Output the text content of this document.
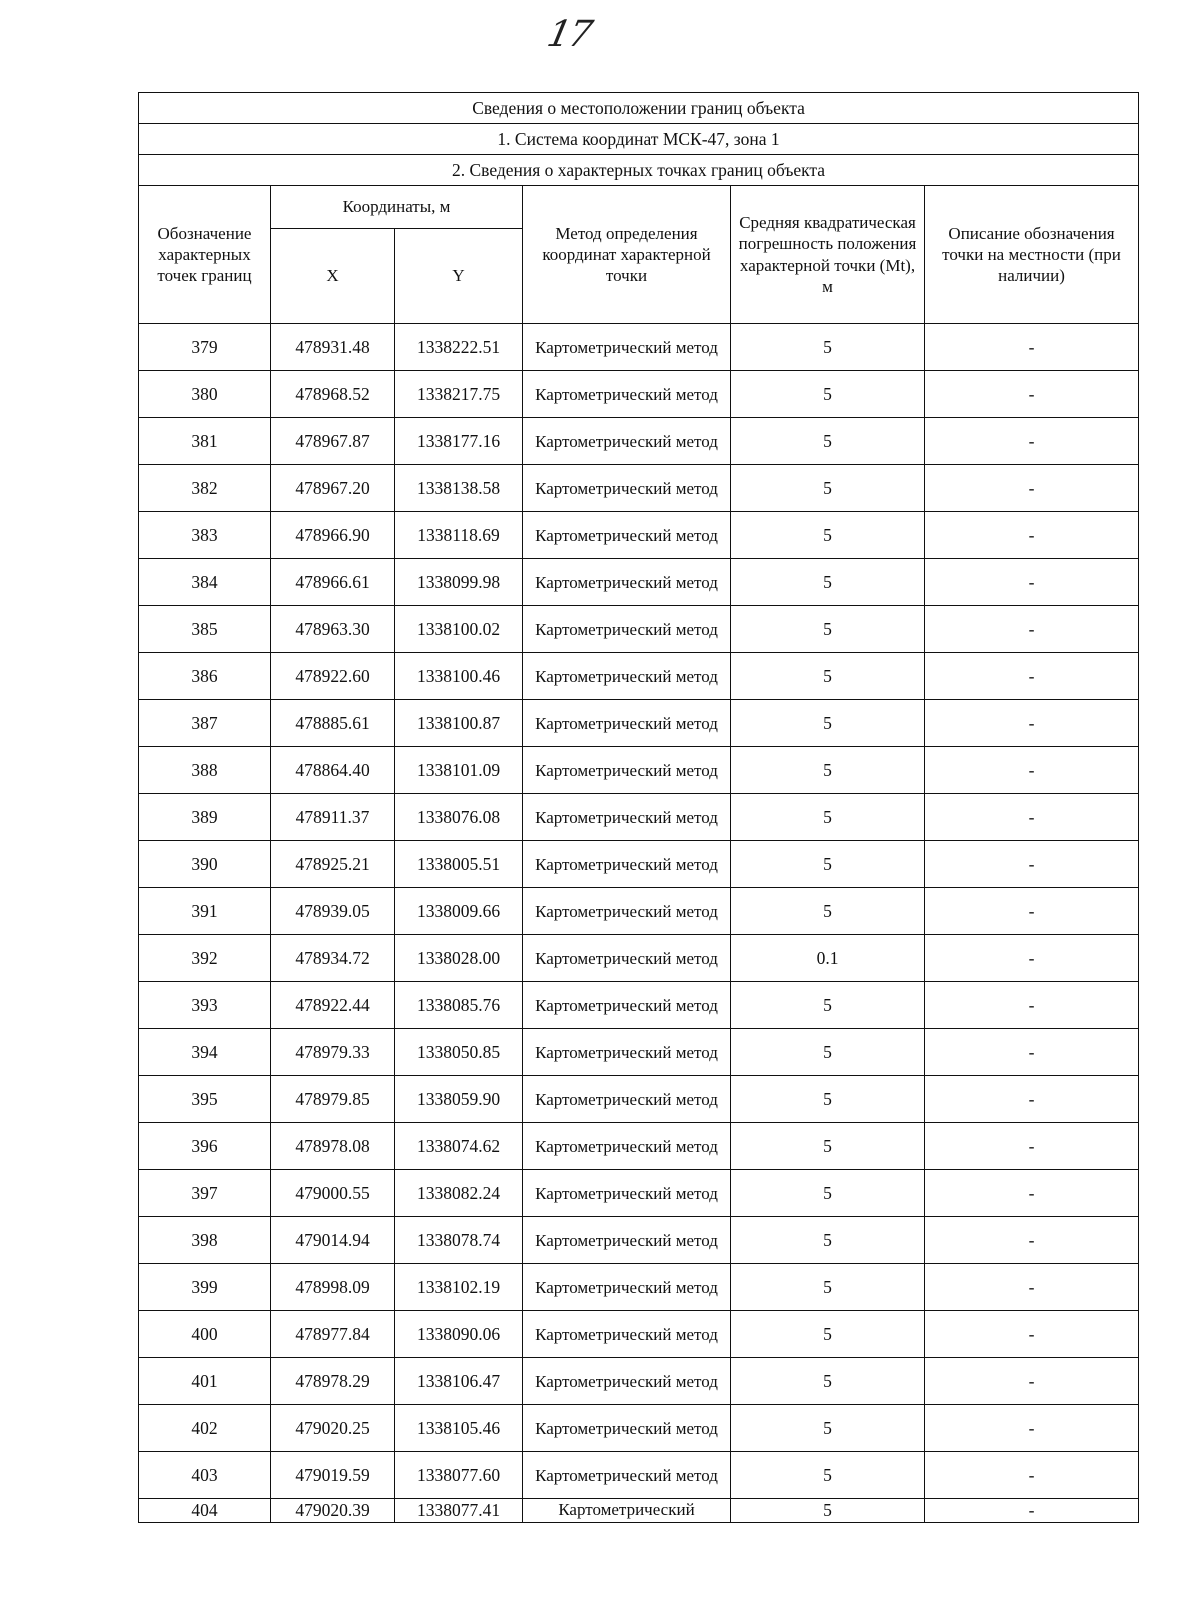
17
Сведения о местоположении границ объекта					
1. Система координат МСК-47, зона 1					
2. Сведения о характерных точках границ объекта					
Обозначение характерных точек границ	Координаты, м		Метод определения координат характерной точки	Средняя квадратическая погрешность положения характерной точки (Mt), м	Описание обозначения точки на местности (при наличии)
	X	Y			
379	478931.48	1338222.51	Картометрический метод	5	-
380	478968.52	1338217.75	Картометрический метод	5	-
381	478967.87	1338177.16	Картометрический метод	5	-
382	478967.20	1338138.58	Картометрический метод	5	-
383	478966.90	1338118.69	Картометрический метод	5	-
384	478966.61	1338099.98	Картометрический метод	5	-
385	478963.30	1338100.02	Картометрический метод	5	-
386	478922.60	1338100.46	Картометрический метод	5	-
387	478885.61	1338100.87	Картометрический метод	5	-
388	478864.40	1338101.09	Картометрический метод	5	-
389	478911.37	1338076.08	Картометрический метод	5	-
390	478925.21	1338005.51	Картометрический метод	5	-
391	478939.05	1338009.66	Картометрический метод	5	-
392	478934.72	1338028.00	Картометрический метод	0.1	-
393	478922.44	1338085.76	Картометрический метод	5	-
394	478979.33	1338050.85	Картометрический метод	5	-
395	478979.85	1338059.90	Картометрический метод	5	-
396	478978.08	1338074.62	Картометрический метод	5	-
397	479000.55	1338082.24	Картометрический метод	5	-
398	479014.94	1338078.74	Картометрический метод	5	-
399	478998.09	1338102.19	Картометрический метод	5	-
400	478977.84	1338090.06	Картометрический метод	5	-
401	478978.29	1338106.47	Картометрический метод	5	-
402	479020.25	1338105.46	Картометрический метод	5	-
403	479019.59	1338077.60	Картометрический метод	5	-
404	479020.39	1338077.41	Картометрический	5	-
